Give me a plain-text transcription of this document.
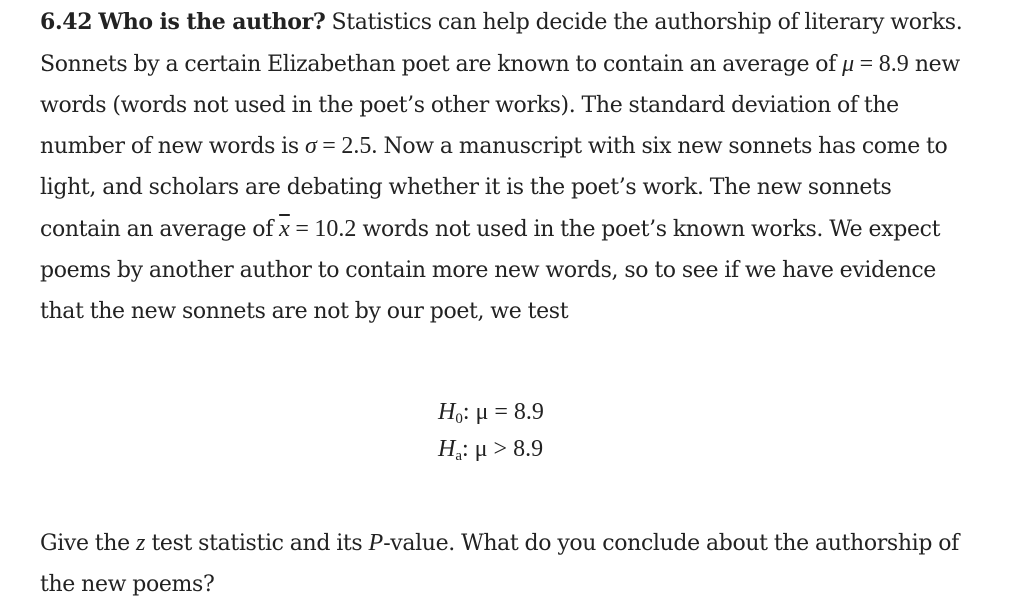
6.42 Who is the author? Statistics can help decide the authorship of literary works. Sonnets by a certain Elizabethan poet are known to contain an average of μ = 8.9 new words (words not used in the poet’s other works). The standard deviation of the number of new words is σ = 2.5. Now a manuscript with six new sonnets has come to light, and scholars are debating whether it is the poet’s work. The new sonnets contain an average of $\overline{x} = 10.2$ words not used in the poet’s known works. We expect poems by another author to contain more new words, so to see if we have evidence that the new sonnets are not by our poet, we test
$H_0$: μ = 8.9
$H_a$: μ > 8.9
Give the z test statistic and its P-value. What do you conclude about the authorship of the new poems?
